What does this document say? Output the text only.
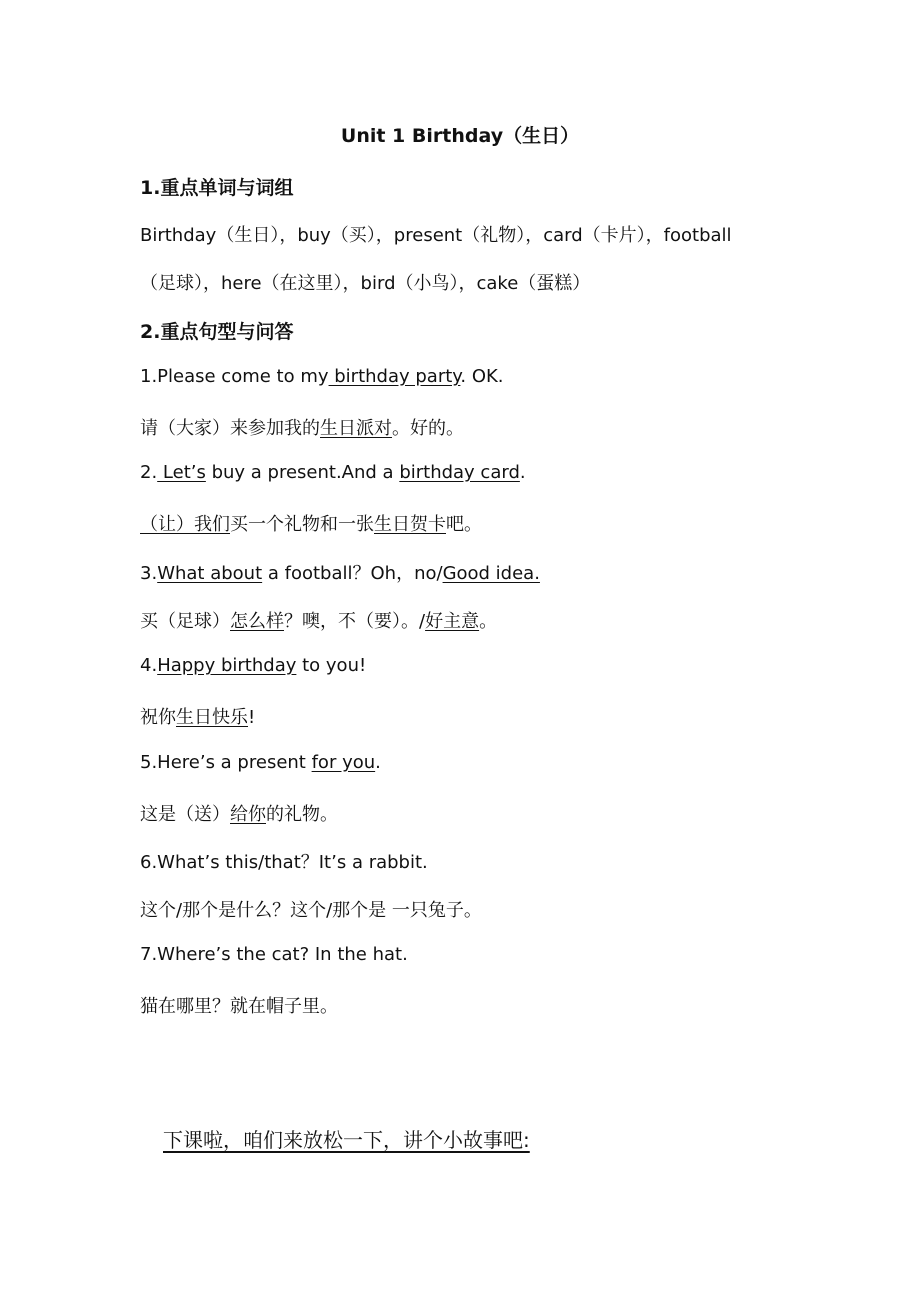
Unit 1 Birthday（生日）
1.重点单词与词组
Birthday（生日），buy（买），present（礼物），card（卡片），football
（足球），here（在这里），bird（小鸟），cake（蛋糕）
2.重点句型与问答
1.Please come to my birthday party. OK.
请（大家）来参加我的生日派对。好的。
2. Let’s buy a present.And a birthday card.
（让）我们买一个礼物和一张生日贺卡吧。
3.What about a football？Oh，no/Good idea.
买（足球）怎么样？噢，不（要）。/好主意。
4.Happy birthday to you!
祝你生日快乐!
5.Here’s a present for you.
这是（送）给你的礼物。
6.What’s this/that？It’s a rabbit.
这个/那个是什么？这个/那个是 一只兔子。
7.Where’s the cat? In the hat.
猫在哪里？就在帽子里。
下课啦，咱们来放松一下，讲个小故事吧:
